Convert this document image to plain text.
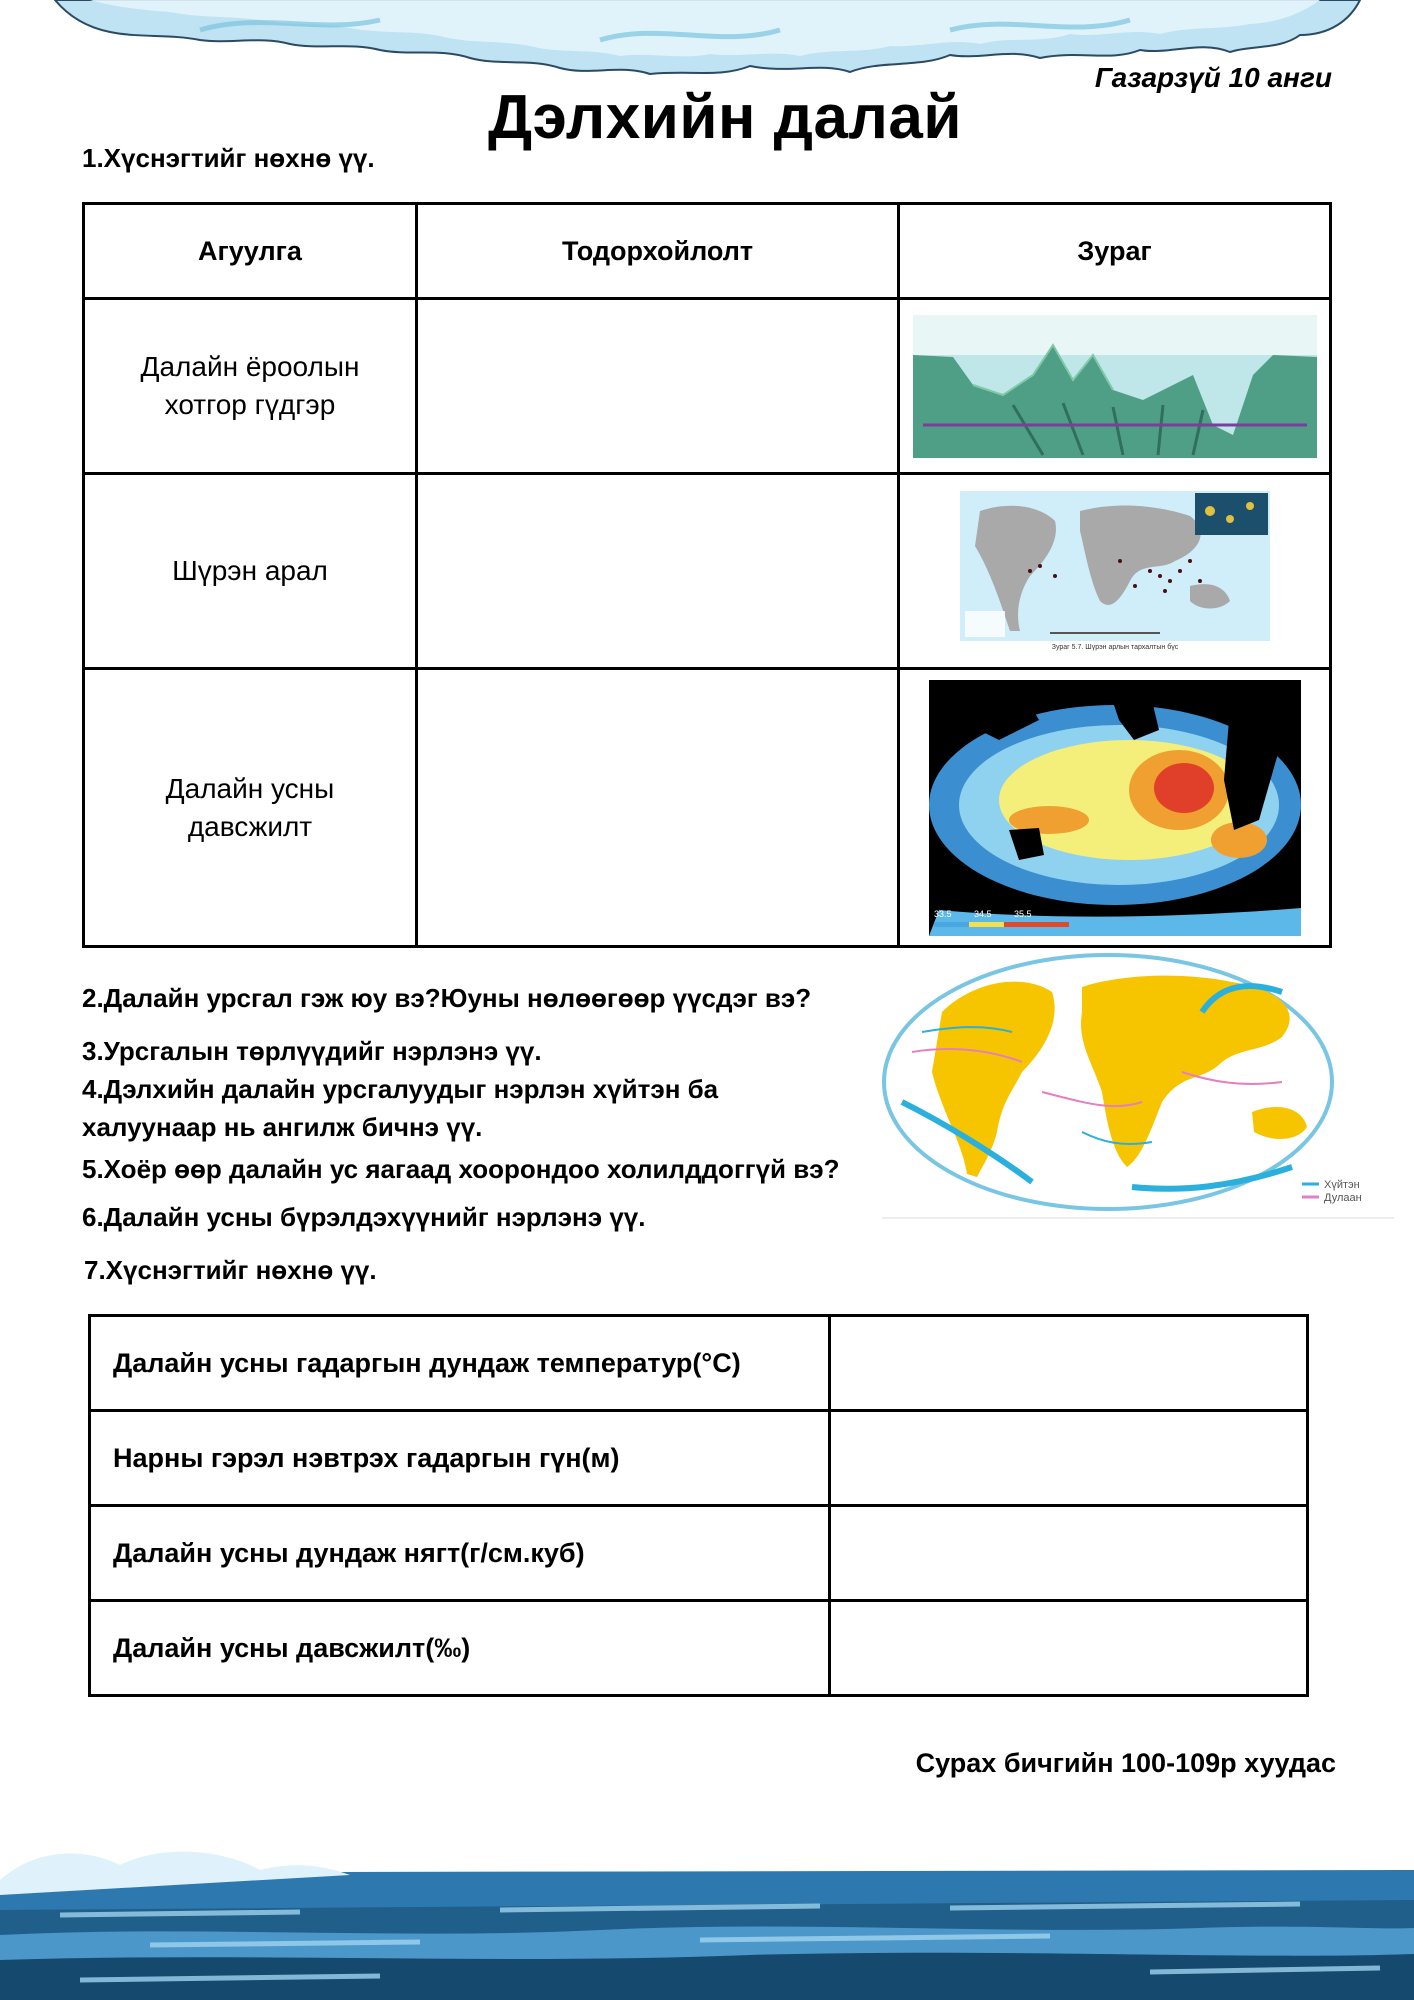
Газарзүй 10 анги
Дэлхийн далай
1.Хүснэгтийг нөхнө үү.
Агуулга	Тодорхойлолт	Зураг
Далайн ёроолын хотгор гүдгэр		

Шүрэн арал		Зураг 5.7. Шүрэн арлын тархалтын бүс

Далайн усны давсжилт		33.5 34.5 35.5
2.Далайн урсгал гэж юу вэ?Юуны нөлөөгөөр үүсдэг вэ?
3.Урсгалын төрлүүдийг нэрлэнэ үү.
4.Дэлхийн далайн урсгалуудыг нэрлэн хүйтэн ба
халуунаар нь ангилж бичнэ үү.
5.Хоёр өөр далайн ус яагаад хоорондоо холилддоггүй вэ?
6.Далайн усны бүрэлдэхүүнийг нэрлэнэ үү.
Хүйтэн
Дулаан
7.Хүснэгтийг нөхнө үү.
Далайн усны гадаргын дундаж температур(°С)	
Нарны гэрэл нэвтрэх гадаргын гүн(м)	
Далайн усны дундаж нягт(г/см.куб)	
Далайн усны давсжилт(‰)	
Сурах бичгийн 100-109р хуудас
